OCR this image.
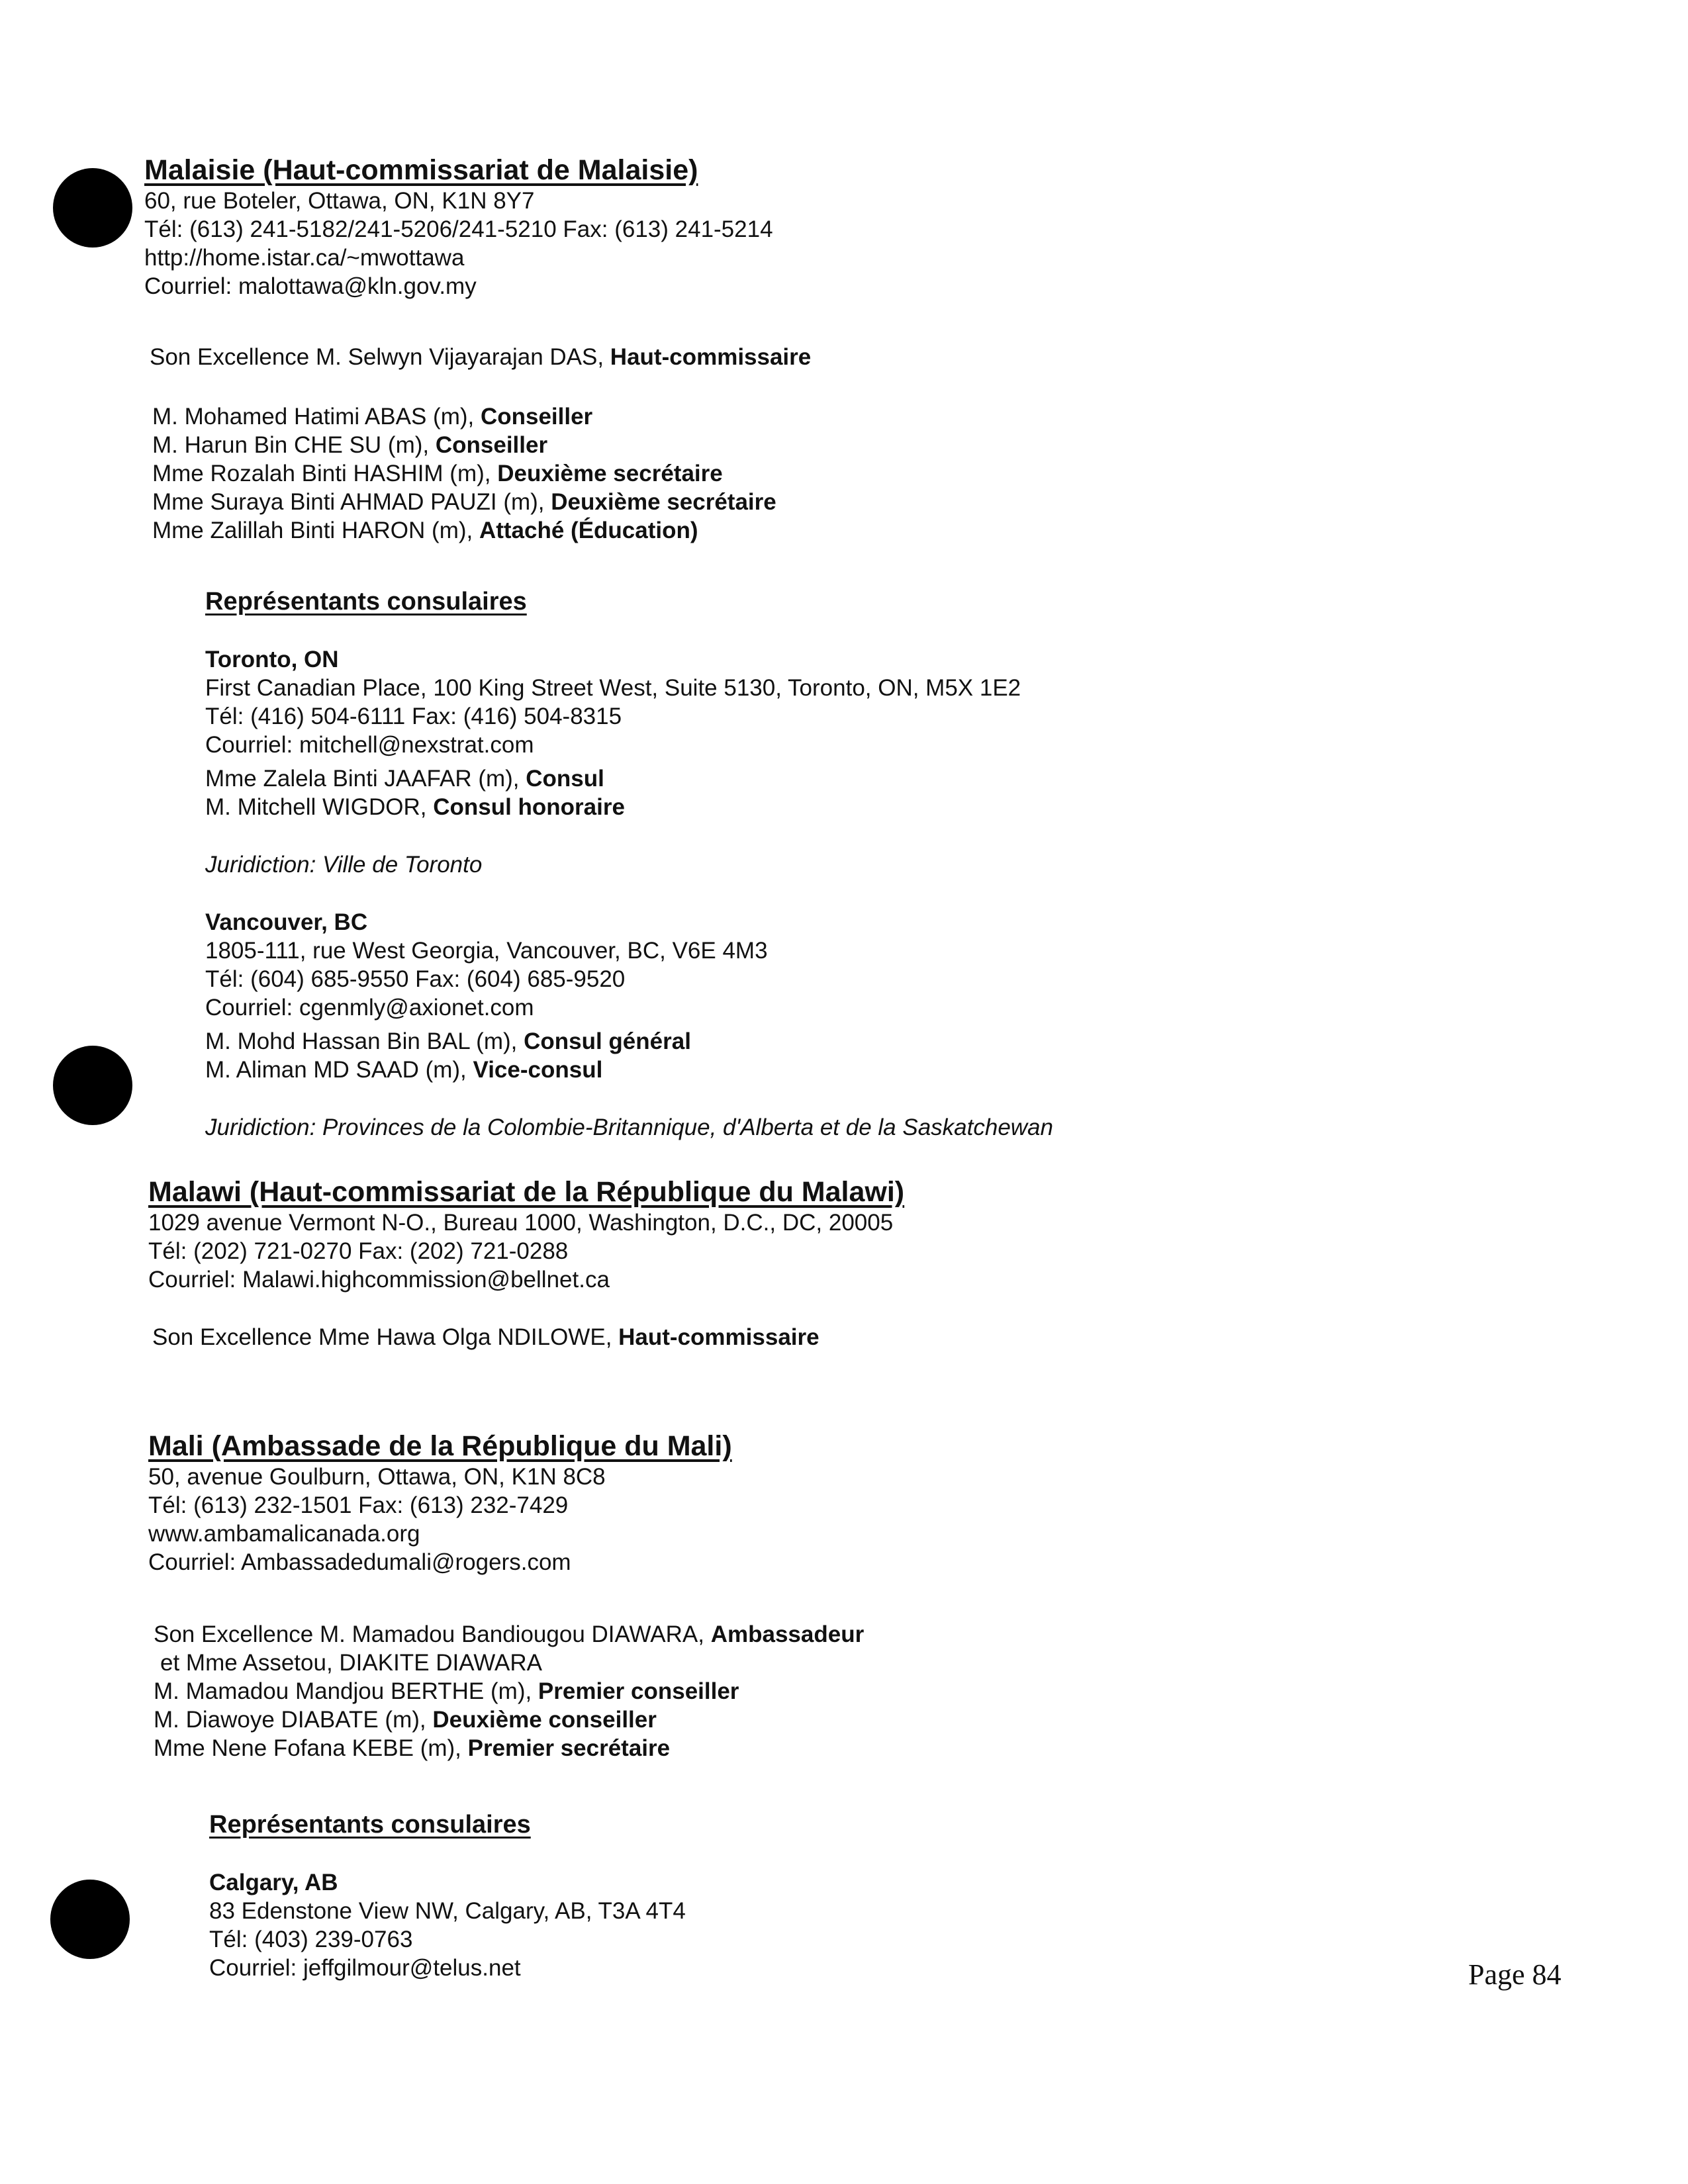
Malaisie (Haut-commissariat de Malaisie)
60, rue Boteler, Ottawa, ON, K1N 8Y7
Tél: (613) 241-5182/241-5206/241-5210 Fax: (613) 241-5214
http://home.istar.ca/~mwottawa
Courriel: malottawa@kln.gov.my
Son Excellence M. Selwyn Vijayarajan DAS, Haut-commissaire
M. Mohamed Hatimi ABAS (m), Conseiller
M. Harun Bin CHE SU (m), Conseiller
Mme Rozalah Binti HASHIM (m), Deuxième secrétaire
Mme Suraya Binti AHMAD PAUZI (m), Deuxième secrétaire
Mme Zalillah Binti HARON (m), Attaché (Éducation)
Représentants consulaires
Toronto, ON
First Canadian Place, 100 King Street West, Suite 5130, Toronto, ON, M5X 1E2
Tél: (416) 504-6111 Fax: (416) 504-8315
Courriel: mitchell@nexstrat.com
Mme Zalela Binti JAAFAR (m), Consul
M. Mitchell WIGDOR, Consul honoraire
Juridiction: Ville de Toronto
Vancouver, BC
1805-111, rue West Georgia, Vancouver, BC, V6E 4M3
Tél: (604) 685-9550 Fax: (604) 685-9520
Courriel: cgenmly@axionet.com
M. Mohd Hassan Bin BAL (m), Consul général
M. Aliman MD SAAD (m), Vice-consul
Juridiction: Provinces de la Colombie-Britannique, d'Alberta et de la Saskatchewan
Malawi (Haut-commissariat de la République du Malawi)
1029 avenue Vermont N-O., Bureau 1000, Washington, D.C., DC, 20005
Tél: (202) 721-0270 Fax: (202) 721-0288
Courriel: Malawi.highcommission@bellnet.ca
Son Excellence Mme Hawa Olga NDILOWE, Haut-commissaire
Mali (Ambassade de la République du Mali)
50, avenue Goulburn, Ottawa, ON, K1N 8C8
Tél: (613) 232-1501 Fax: (613) 232-7429
www.ambamalicanada.org
Courriel: Ambassadedumali@rogers.com
Son Excellence M. Mamadou Bandiougou DIAWARA, Ambassadeur
et Mme Assetou, DIAKITE DIAWARA
M. Mamadou Mandjou BERTHE (m), Premier conseiller
M. Diawoye DIABATE (m), Deuxième conseiller
Mme Nene Fofana KEBE (m), Premier secrétaire
Représentants consulaires
Calgary, AB
83 Edenstone View NW, Calgary, AB, T3A 4T4
Tél: (403) 239-0763
Courriel: jeffgilmour@telus.net	Page 84
